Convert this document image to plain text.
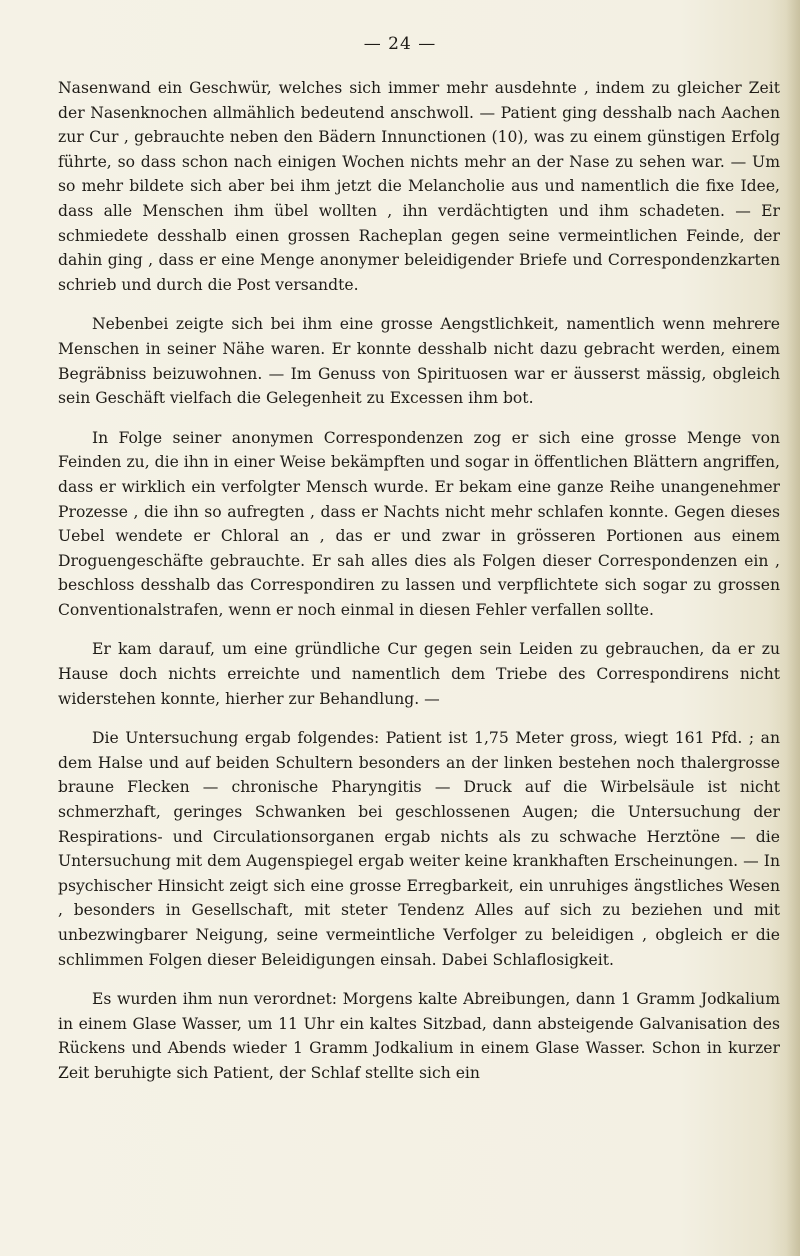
— 24 —

Nasenwand ein Geschwür, welches sich immer mehr ausdehnte , indem zu gleicher Zeit der Nasenknochen allmählich bedeutend anschwoll. — Patient ging desshalb nach Aachen zur Cur , gebrauchte neben den Bädern Innunctionen (10), was zu einem günstigen Erfolg führte, so dass schon nach einigen Wochen nichts mehr an der Nase zu sehen war. — Um so mehr bildete sich aber bei ihm jetzt die Melancholie aus und namentlich die fixe Idee, dass alle Menschen ihm übel wollten , ihn verdächtigten und ihm schadeten. — Er schmiedete desshalb einen grossen Racheplan gegen seine vermeintlichen Feinde, der dahin ging , dass er eine Menge anonymer beleidigender Briefe und Correspondenzkarten schrieb und durch die Post versandte.

Nebenbei zeigte sich bei ihm eine grosse Aengstlichkeit, namentlich wenn mehrere Menschen in seiner Nähe waren. Er konnte desshalb nicht dazu gebracht werden, einem Begräbniss beizuwohnen. — Im Genuss von Spirituosen war er äusserst mässig, obgleich sein Geschäft vielfach die Gelegenheit zu Excessen ihm bot.

In Folge seiner anonymen Correspondenzen zog er sich eine grosse Menge von Feinden zu, die ihn in einer Weise bekämpften und sogar in öffentlichen Blättern angriffen, dass er wirklich ein verfolgter Mensch wurde. Er bekam eine ganze Reihe unangenehmer Prozesse , die ihn so aufregten , dass er Nachts nicht mehr schlafen konnte. Gegen dieses Uebel wendete er Chloral an , das er und zwar in grösseren Portionen aus einem Droguengeschäfte gebrauchte. Er sah alles dies als Folgen dieser Correspondenzen ein , beschloss desshalb das Correspondiren zu lassen und verpflichtete sich sogar zu grossen Conventionalstrafen, wenn er noch einmal in diesen Fehler verfallen sollte.

Er kam darauf, um eine gründliche Cur gegen sein Leiden zu gebrauchen, da er zu Hause doch nichts erreichte und namentlich dem Triebe des Correspondirens nicht widerstehen konnte, hierher zur Behandlung. —

Die Untersuchung ergab folgendes: Patient ist 1,75 Meter gross, wiegt 161 Pfd. ; an dem Halse und auf beiden Schultern besonders an der linken bestehen noch thalergrosse braune Flecken — chronische Pharyngitis — Druck auf die Wirbelsäule ist nicht schmerzhaft, geringes Schwanken bei geschlossenen Augen; die Untersuchung der Respirations- und Circulationsorganen ergab nichts als zu schwache Herztöne — die Untersuchung mit dem Augenspiegel ergab weiter keine krankhaften Erscheinungen. — In psychischer Hinsicht zeigt sich eine grosse Erregbarkeit, ein unruhiges ängstliches Wesen , besonders in Gesellschaft, mit steter Tendenz Alles auf sich zu beziehen und mit unbezwingbarer Neigung, seine vermeintliche Verfolger zu beleidigen , obgleich er die schlimmen Folgen dieser Beleidigungen einsah. Dabei Schlaflosigkeit.

Es wurden ihm nun verordnet: Morgens kalte Abreibungen, dann 1 Gramm Jodkalium in einem Glase Wasser, um 11 Uhr ein kaltes Sitzbad, dann absteigende Galvanisation des Rückens und Abends wieder 1 Gramm Jodkalium in einem Glase Wasser. Schon in kurzer Zeit beruhigte sich Patient, der Schlaf stellte sich ein
